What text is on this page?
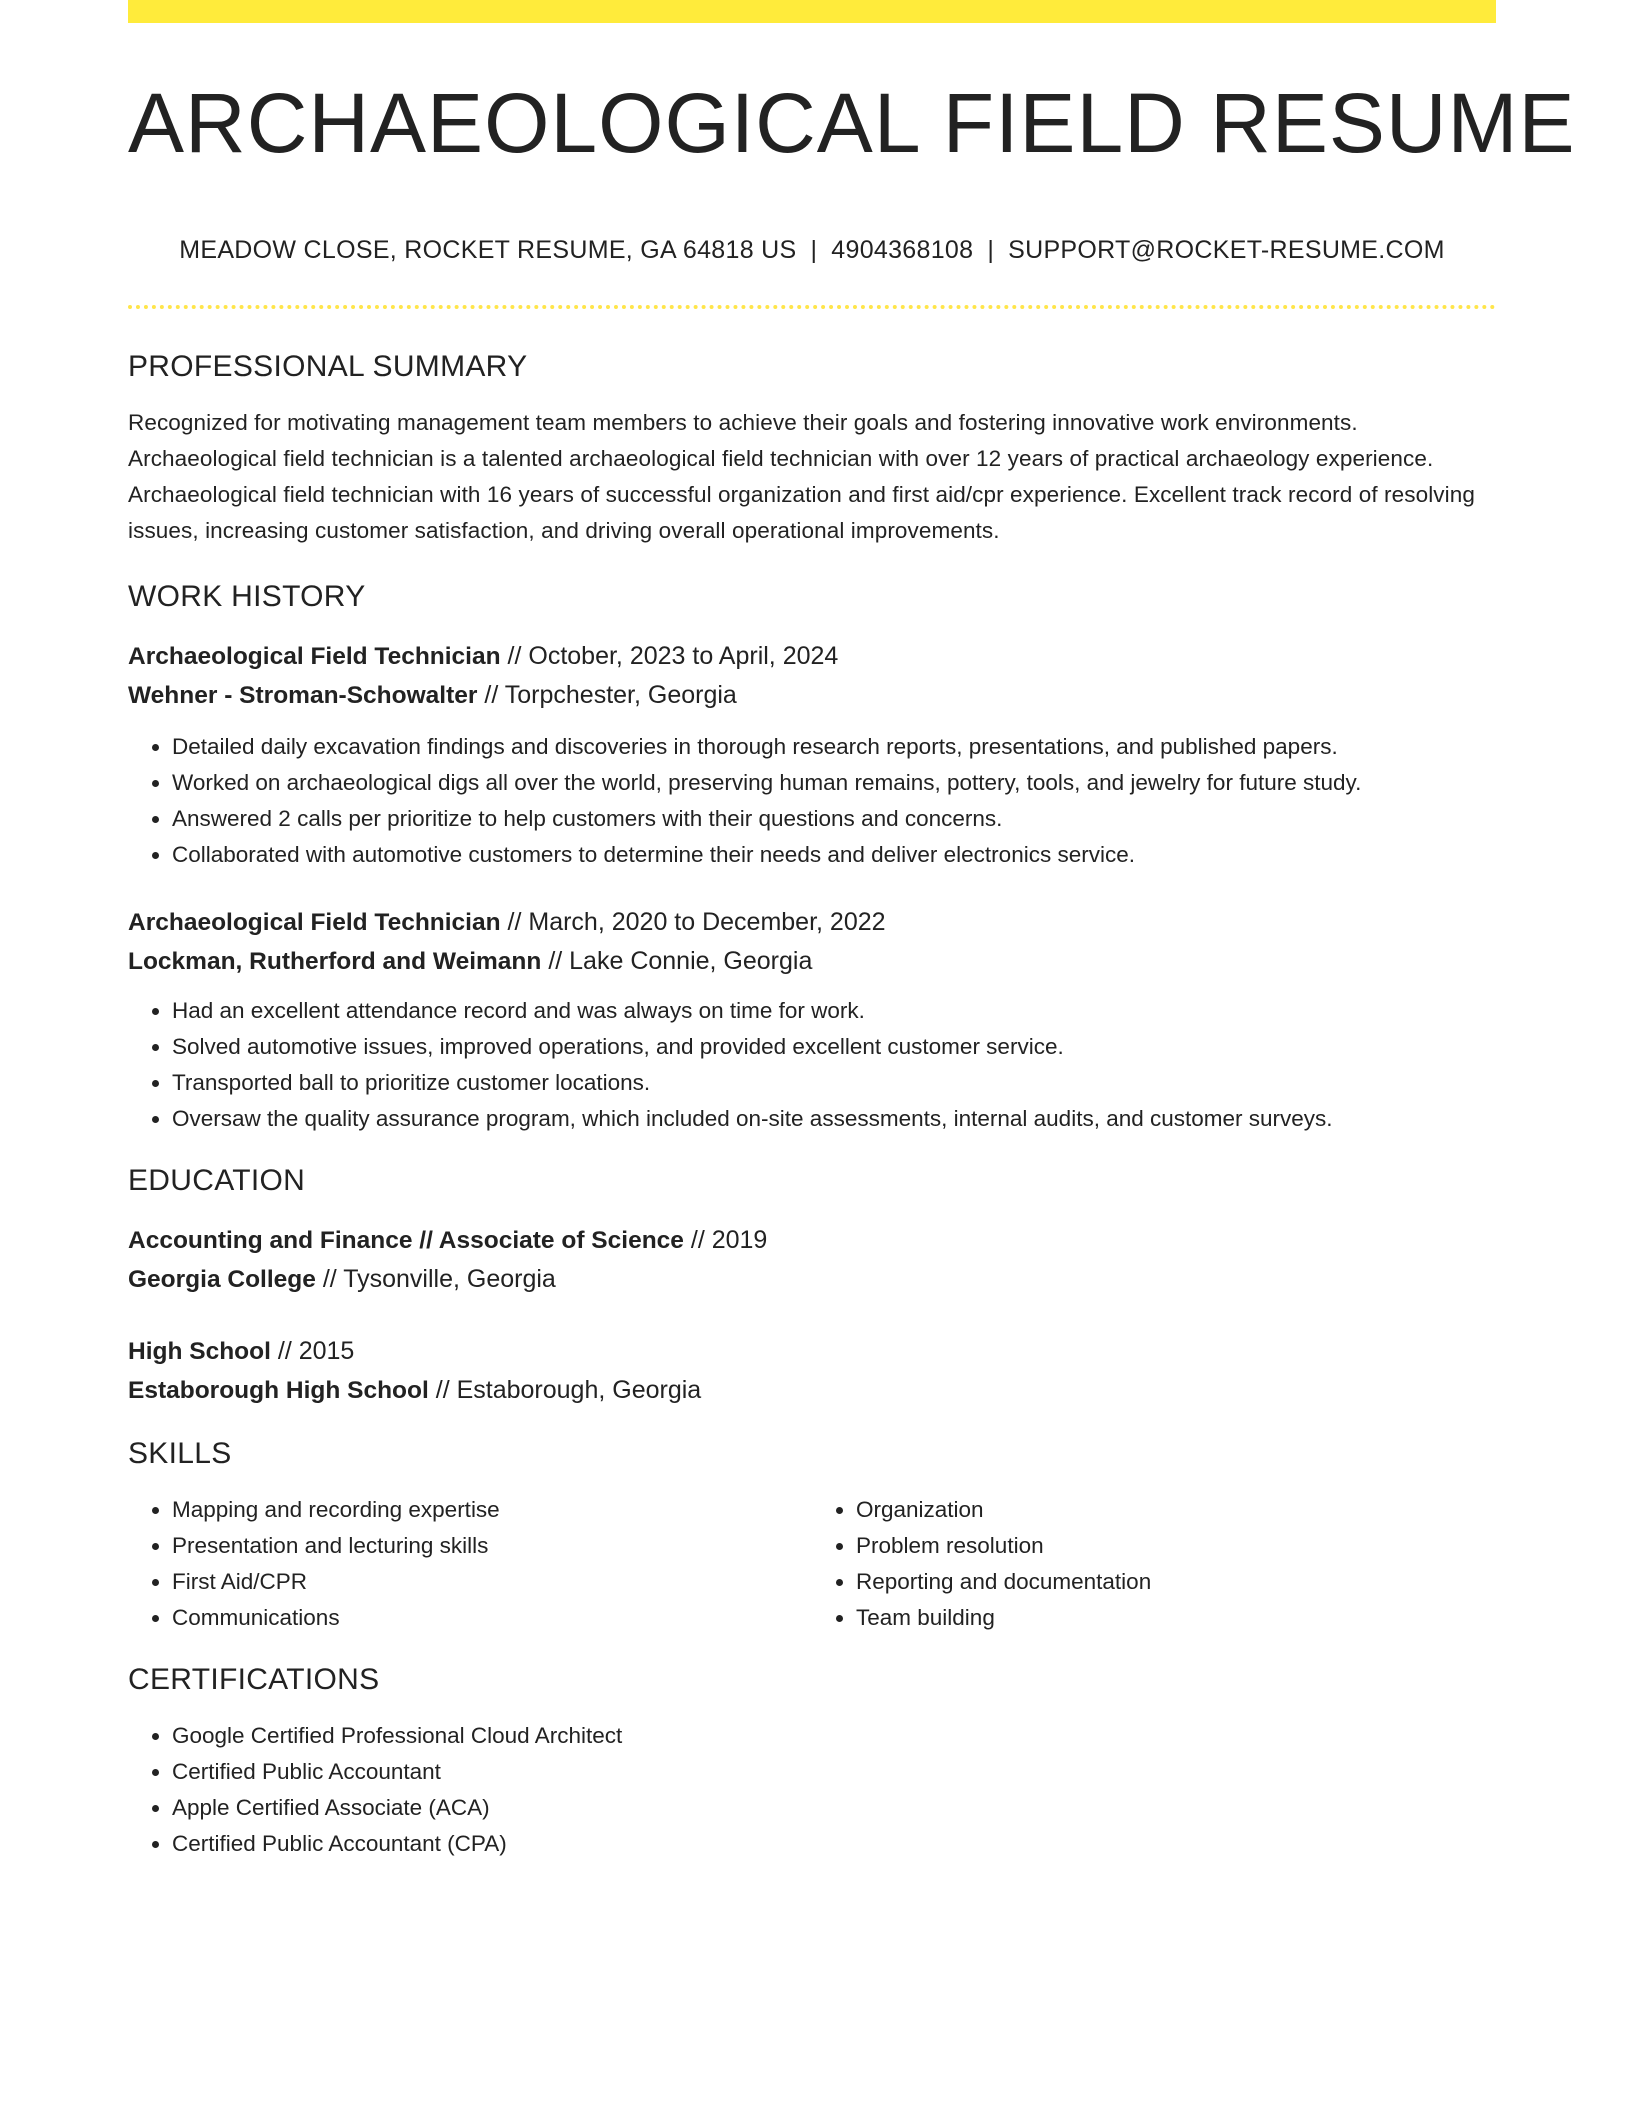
ARCHAEOLOGICAL FIELD RESUME
MEADOW CLOSE, ROCKET RESUME, GA 64818 US | 4904368108 | SUPPORT@ROCKET-RESUME.COM
PROFESSIONAL SUMMARY

Recognized for motivating management team members to achieve their goals and fostering innovative work environments. Archaeological field technician is a talented archaeological field technician with over 12 years of practical archaeology experience. Archaeological field technician with 16 years of successful organization and first aid/cpr experience. Excellent track record of resolving issues, increasing customer satisfaction, and driving overall operational improvements.

WORK HISTORY
Archaeological Field Technician // October, 2023 to April, 2024
Wehner - Stroman-Schowalter // Torpchester, Georgia
• Detailed daily excavation findings and discoveries in thorough research reports, presentations, and published papers.
• Worked on archaeological digs all over the world, preserving human remains, pottery, tools, and jewelry for future study.
• Answered 2 calls per prioritize to help customers with their questions and concerns.
• Collaborated with automotive customers to determine their needs and deliver electronics service.
Archaeological Field Technician // March, 2020 to December, 2022
Lockman, Rutherford and Weimann // Lake Connie, Georgia
• Had an excellent attendance record and was always on time for work.
• Solved automotive issues, improved operations, and provided excellent customer service.
• Transported ball to prioritize customer locations.
• Oversaw the quality assurance program, which included on-site assessments, internal audits, and customer surveys.
EDUCATION
Accounting and Finance // Associate of Science // 2019
Georgia College // Tysonville, Georgia
High School // 2015
Estaborough High School // Estaborough, Georgia
SKILLS
• Mapping and recording expertise
• Presentation and lecturing skills
• First Aid/CPR
• Communications
• Organization
• Problem resolution
• Reporting and documentation
• Team building
CERTIFICATIONS
• Google Certified Professional Cloud Architect
• Certified Public Accountant
• Apple Certified Associate (ACA)
• Certified Public Accountant (CPA)
